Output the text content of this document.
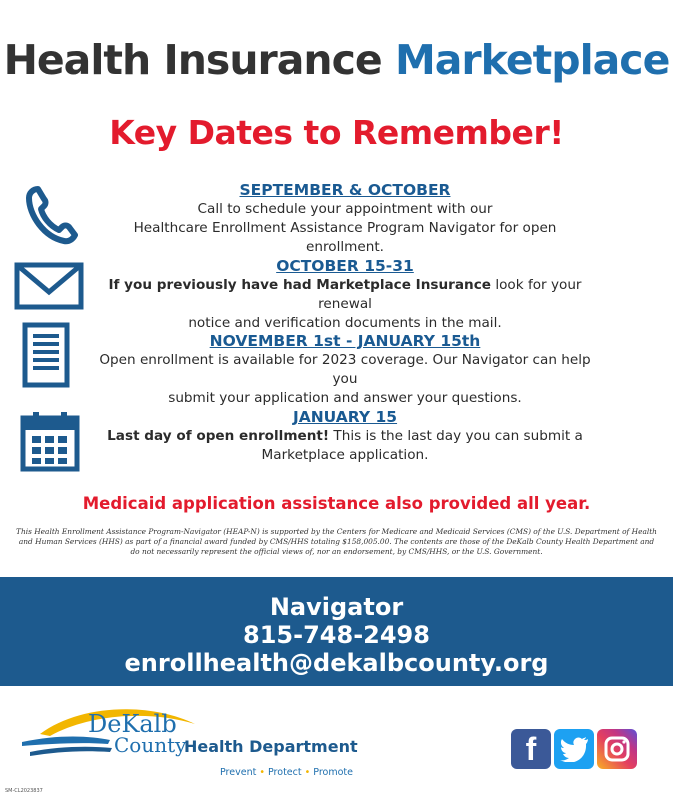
Health Insurance Marketplace
Key Dates to Remember!
SEPTEMBER & OCTOBER
Call to schedule your appointment with our
Healthcare Enrollment Assistance Program Navigator for open enrollment.
OCTOBER 15-31
If you previously have had Marketplace Insurance look for your renewal
notice and verification documents in the mail.
NOVEMBER 1st - JANUARY 15th
Open enrollment is available for 2023 coverage. Our Navigator can help you
submit your application and answer your questions.
JANUARY 15
Last day of open enrollment! This is the last day you can submit a
Marketplace application.
Medicaid application assistance also provided all year.
This Health Enrollment Assistance Program-Navigator (HEAP-N) is supported by the Centers for Medicare and Medicaid Services (CMS) of the U.S. Department of Health and Human Services (HHS) as part of a financial award funded by CMS/HHS totaling $158,005.00. The contents are those of the DeKalb County Health Department and do not necessarily represent the official views of, nor an endorsement, by CMS/HHS, or the U.S. Government.
Navigator
815-748-2498
enrollhealth@dekalbcounty.org
DeKalb
County
Health Department
Prevent • Protect • Promote
f
SM-CL2023837
